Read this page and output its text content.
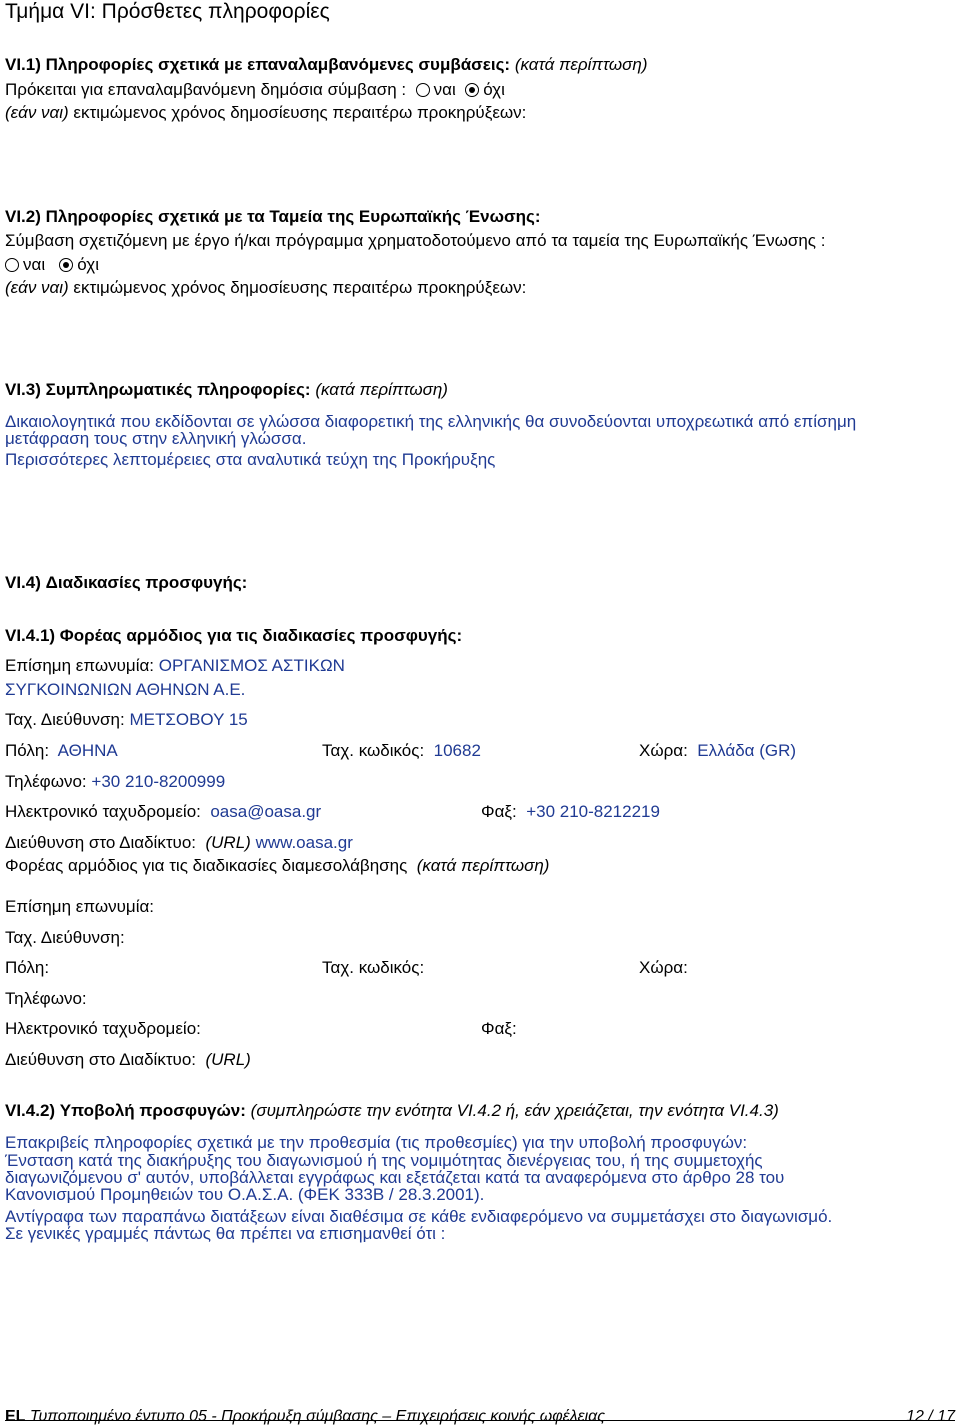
Τμήμα VI: Πρόσθετες πληροφορίες
VI.1) Πληροφορίες σχετικά με επαναλαμβανόμενες συμβάσεις: (κατά περίπτωση)
Πρόκειται για επαναλαμβανόμενη δημόσια σύμβαση : ναι όχι
(εάν ναι) εκτιμώμενος χρόνος δημοσίευσης περαιτέρω προκηρύξεων:
VI.2) Πληροφορίες σχετικά με τα Ταμεία της Ευρωπαϊκής Ένωσης:
Σύμβαση σχετιζόμενη με έργο ή/και πρόγραμμα χρηματοδοτούμενο από τα ταμεία της Ευρωπαϊκής Ένωσης :
ναι όχι
(εάν ναι) εκτιμώμενος χρόνος δημοσίευσης περαιτέρω προκηρύξεων:
VI.3) Συμπληρωματικές πληροφορίες: (κατά περίπτωση)
Δικαιολογητικά που εκδίδονται σε γλώσσα διαφορετική της ελληνικής θα συνοδεύονται υποχρεωτικά από επίσημη μετάφραση τους στην ελληνική γλώσσα.
Περισσότερες λεπτομέρειες στα αναλυτικά τεύχη της Προκήρυξης
VI.4) Διαδικασίες προσφυγής:
VI.4.1) Φορέας αρμόδιος για τις διαδικασίες προσφυγής:
Επίσημη επωνυμία: ΟΡΓΑΝΙΣΜΟΣ ΑΣΤΙΚΩΝ
ΣΥΓΚΟΙΝΩΝΙΩΝ ΑΘΗΝΩΝ Α.Ε.
Ταχ. Διεύθυνση: ΜΕΤΣΟΒΟΥ 15
Πόλη: ΑΘΗΝΑ	Ταχ. κωδικός: 10682	Χώρα: Ελλάδα (GR)
Τηλέφωνο: +30 210-8200999
Ηλεκτρονικό ταχυδρομείο: oasa@oasa.gr	Φαξ: +30 210-8212219
Διεύθυνση στο Διαδίκτυο: (URL) www.oasa.gr
Φορέας αρμόδιος για τις διαδικασίες διαμεσολάβησης (κατά περίπτωση)
Επίσημη επωνυμία:
Ταχ. Διεύθυνση:
Πόλη:	Ταχ. κωδικός:	Χώρα:
Τηλέφωνο:
Ηλεκτρονικό ταχυδρομείο:	Φαξ:
Διεύθυνση στο Διαδίκτυο: (URL)
VI.4.2) Υποβολή προσφυγών: (συμπληρώστε την ενότητα VI.4.2 ή, εάν χρειάζεται, την ενότητα VI.4.3)
Επακριβείς πληροφορίες σχετικά με την προθεσμία (τις προθεσμίες) για την υποβολή προσφυγών:
Ένσταση κατά της διακήρυξης του διαγωνισμού ή της νομιμότητας διενέργειας του, ή της συμμετοχής διαγωνιζόμενου σ' αυτόν, υποβάλλεται εγγράφως και εξετάζεται κατά τα αναφερόμενα στο άρθρο 28 του Κανονισμού Προμηθειών του Ο.Α.Σ.Α. (ΦΕΚ 333Β / 28.3.2001).
Αντίγραφα των παραπάνω διατάξεων είναι διαθέσιμα σε κάθε ενδιαφερόμενο να συμμετάσχει στο διαγωνισμό.
Σε γενικές γραμμές πάντως θα πρέπει να επισημανθεί ότι :
EL Τυποποιημένο έντυπο 05 - Προκήρυξη σύμβασης – Επιχειρήσεις κοινής ωφέλειας	12 / 17
